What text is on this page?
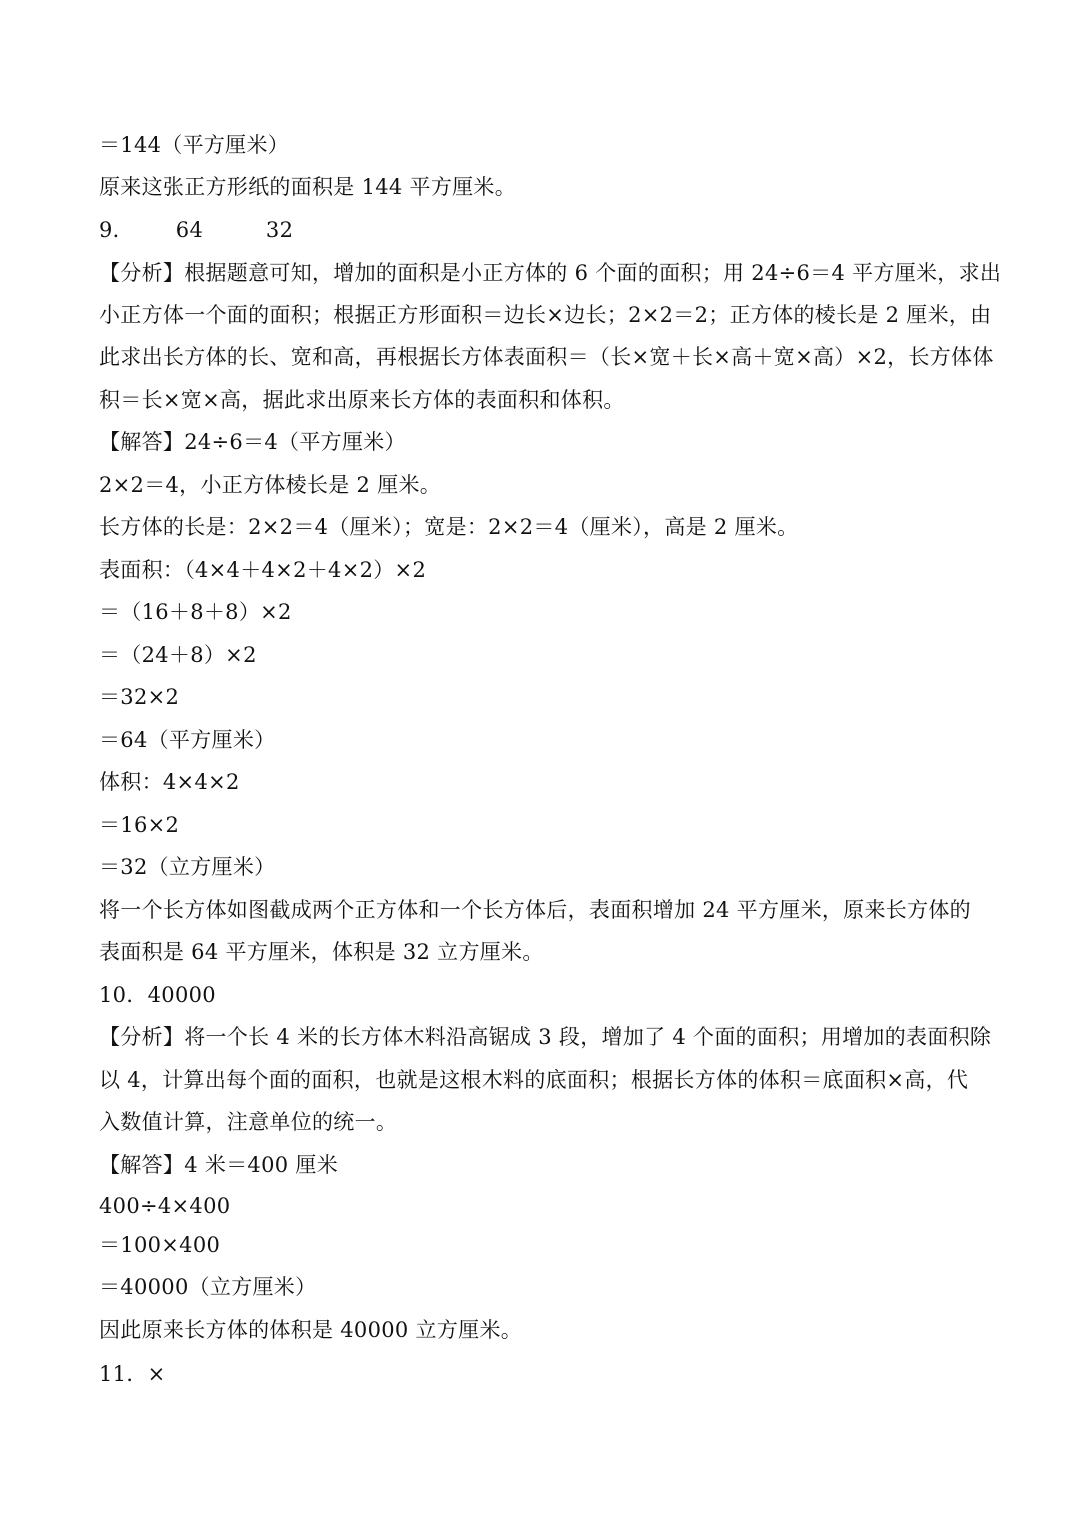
＝144（平方厘米）
原来这张正方形纸的面积是 144 平方厘米。
9．      64         32
【分析】根据题意可知，增加的面积是小正方体的 6 个面的面积；用 24÷6＝4 平方厘米，求出
小正方体一个面的面积；根据正方形面积＝边长×边长；2×2＝2；正方体的棱长是 2 厘米，由
此求出长方体的长、宽和高，再根据长方体表面积＝（长×宽＋长×高＋宽×高）×2，长方体体
积＝长×宽×高，据此求出原来长方体的表面积和体积。
【解答】24÷6＝4（平方厘米）
2×2＝4，小正方体棱长是 2 厘米。
长方体的长是：2×2＝4（厘米）；宽是：2×2＝4（厘米），高是 2 厘米。
表面积：（4×4＋4×2＋4×2）×2
＝（16＋8＋8）×2
＝（24＋8）×2
＝32×2
＝64（平方厘米）
体积：4×4×2
＝16×2
＝32（立方厘米）
将一个长方体如图截成两个正方体和一个长方体后，表面积增加 24 平方厘米，原来长方体的
表面积是 64 平方厘米，体积是 32 立方厘米。
10．40000
【分析】将一个长 4 米的长方体木料沿高锯成 3 段，增加了 4 个面的面积；用增加的表面积除
以 4，计算出每个面的面积，也就是这根木料的底面积；根据长方体的体积＝底面积×高，代
入数值计算，注意单位的统一。
【解答】4 米＝400 厘米
400÷4×400
＝100×400
＝40000（立方厘米）
因此原来长方体的体积是 40000 立方厘米。
11．×
